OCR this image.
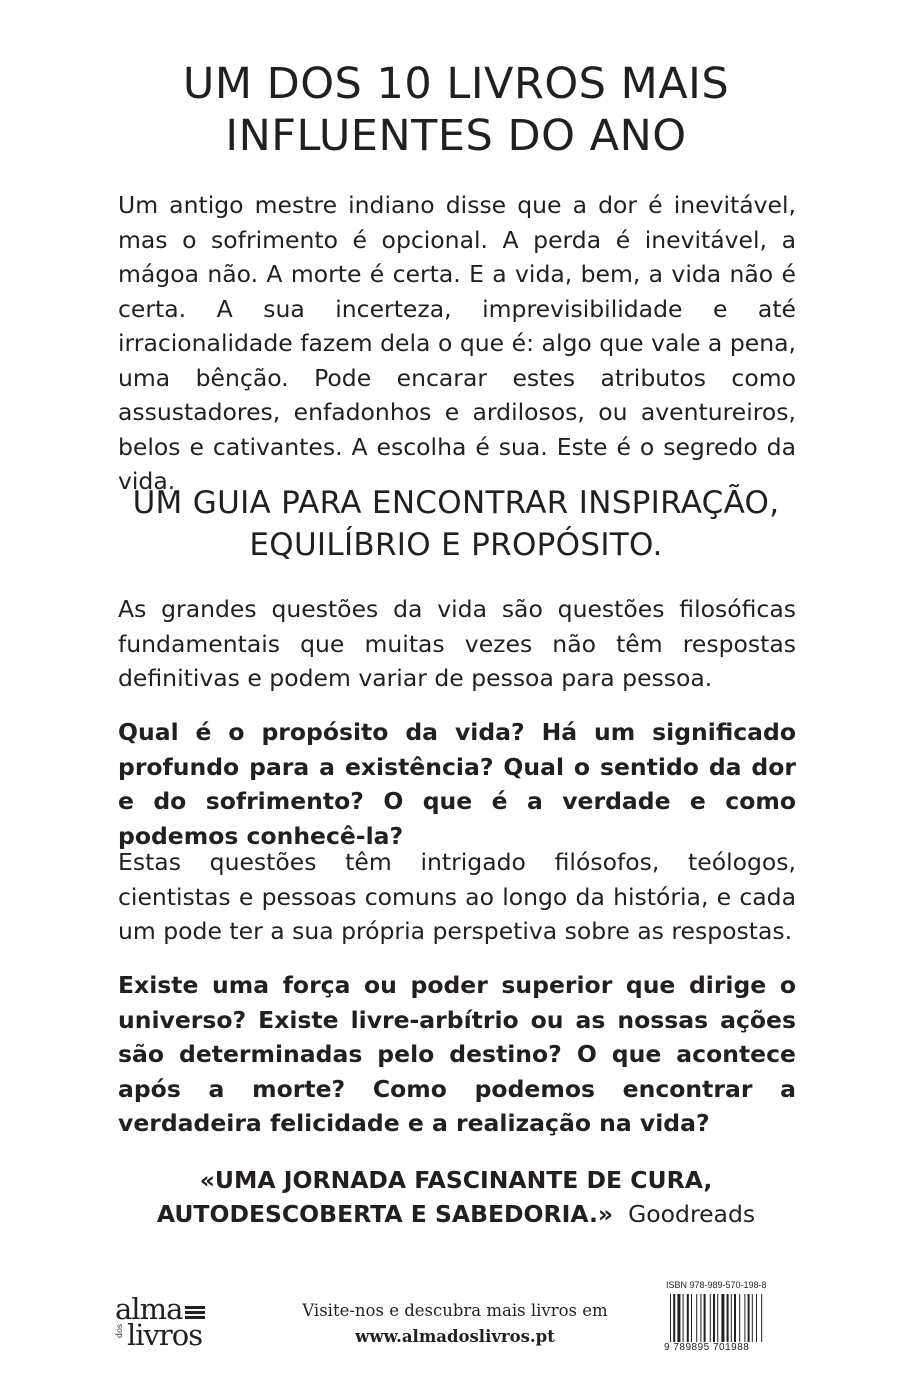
UM DOS 10 LIVROS MAIS
INFLUENTES DO ANO
Um antigo mestre indiano disse que a dor é inevitável, mas o sofrimento é opcional. A perda é inevitável, a mágoa não. A morte é certa. E a vida, bem, a vida não é certa. A sua incerteza, imprevisibilidade e até irracionalidade fazem dela o que é: algo que vale a pena, uma bênção. Pode encarar estes atributos como assustadores, enfadonhos e ardilosos, ou aventureiros, belos e cativantes. A escolha é sua. Este é o segredo da vida.
UM GUIA PARA ENCONTRAR INSPIRAÇÃO,
EQUILÍBRIO E PROPÓSITO.
As grandes questões da vida são questões filosóficas fundamentais que muitas vezes não têm respostas definitivas e podem variar de pessoa para pessoa.
Qual é o propósito da vida? Há um significado profundo para a existência? Qual o sentido da dor e do sofrimento? O que é a verdade e como podemos conhecê-la?
Estas questões têm intrigado filósofos, teólogos, cientistas e pessoas comuns ao longo da história, e cada um pode ter a sua própria perspetiva sobre as respostas.
Existe uma força ou poder superior que dirige o universo? Existe livre-arbítrio ou as nossas ações são determinadas pelo destino? O que acontece após a morte? Como podemos encontrar a verdadeira felicidade e a realização na vida?
«UMA JORNADA FASCINANTE DE CURA,
AUTODESCOBERTA E SABEDORIA.» Goodreads
alma
dos livros
Visite-nos e descubra mais livros em
www.almadoslivros.pt
ISBN 978-989-570-198-8
9 789895 701988
